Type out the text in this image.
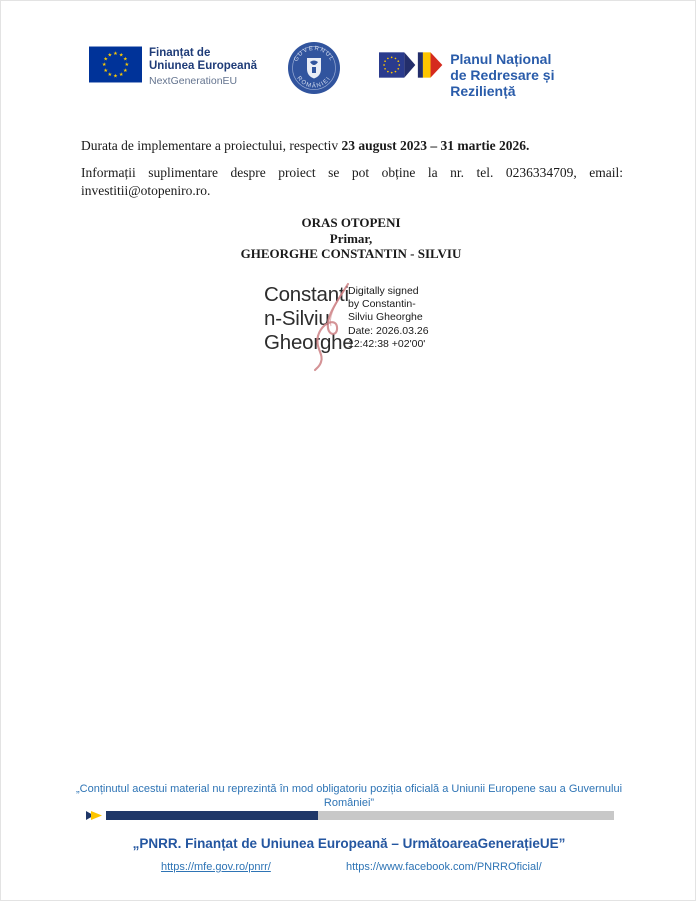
★ ★
★
★
★
★
★
★
★
★
★
★	Finanțat de
Uniunea Europeană
NextGenerationEU
GUVERNUL
ROMÂNIEI
Planul Național
de Redresare și Reziliență

Durata de implementare a proiectului, respectiv 23 august 2023 – 31 martie 2026.

Informații suplimentare despre proiect se pot obține la nr. tel. 0236334709, email: investitii@otopeniro.ro.

ORAS OTOPENI
Primar,
GHEORGHE CONSTANTIN - SILVIU
Constanti
n-Silviu
Gheorghe
Digitally signed
by Constantin-
Silviu Gheorghe
Date: 2026.03.26
12:42:38 +02'00'
„Conținutul acestui material nu reprezintă în mod obligatoriu poziția oficială a Uniunii Europene sau a Guvernului
României”
„PNRR. Finanțat de Uniunea Europeană – UrmătoareaGenerațieUE”
https://mfe.gov.ro/pnrr/	https://www.facebook.com/PNRROficial/
